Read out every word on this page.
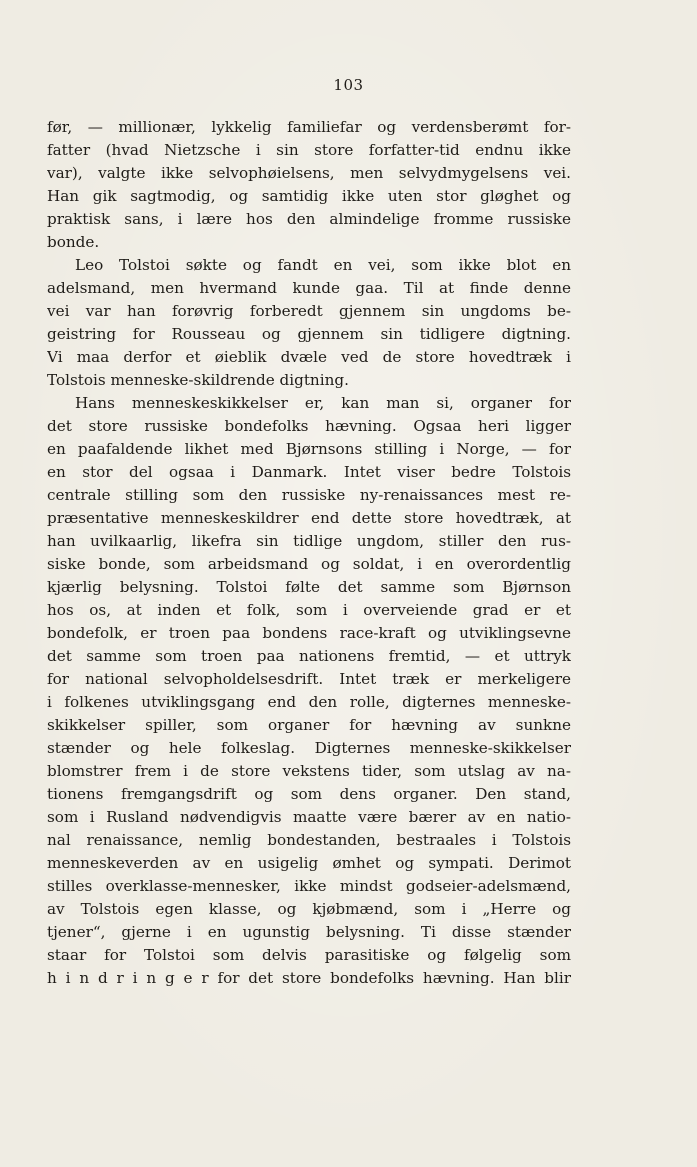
103
før, — millionær, lykkelig familiefar og verdensberømt for-
fatter (hvad Nietzsche i sin store forfatter-tid endnu ikke
var), valgte ikke selvophøielsens, men selvydmygelsens vei.
Han gik sagtmodig, og samtidig ikke uten stor gløghet og
praktisk sans, i lære hos den almindelige fromme russiske
bonde.
Leo Tolstoi søkte og fandt en vei, som ikke blot en
adelsmand, men hvermand kunde gaa. Til at finde denne
vei var han forøvrig forberedt gjennem sin ungdoms be-
geistring for Rousseau og gjennem sin tidligere digtning.
Vi maa derfor et øieblik dvæle ved de store hovedtræk i
Tolstois menneske-skildrende digtning.
Hans menneskeskikkelser er, kan man si, organer for
det store russiske bondefolks hævning. Ogsaa heri ligger
en paafaldende likhet med Bjørnsons stilling i Norge, — for
en stor del ogsaa i Danmark. Intet viser bedre Tolstois
centrale stilling som den russiske ny-renaissances mest re-
præsentative menneskeskildrer end dette store hovedtræk, at
han uvilkaarlig, likefra sin tidlige ungdom, stiller den rus-
siske bonde, som arbeidsmand og soldat, i en overordentlig
kjærlig belysning. Tolstoi følte det samme som Bjørnson
hos os, at inden et folk, som i overveiende grad er et
bondefolk, er troen paa bondens race-kraft og utviklingsevne
det samme som troen paa nationens fremtid, — et uttryk
for national selvopholdelsesdrift. Intet træk er merkeligere
i folkenes utviklingsgang end den rolle, digternes menneske-
skikkelser spiller, som organer for hævning av sunkne
stænder og hele folkeslag. Digternes menneske-skikkelser
blomstrer frem i de store vekstens tider, som utslag av na-
tionens fremgangsdrift og som dens organer. Den stand,
som i Rusland nødvendigvis maatte være bærer av en natio-
nal renaissance, nemlig bondestanden, bestraales i Tolstois
menneskeverden av en usigelig ømhet og sympati. Derimot
stilles overklasse-mennesker, ikke mindst godseier-adelsmænd,
av Tolstois egen klasse, og kjøbmænd, som i „Herre og
tjener“, gjerne i en ugunstig belysning. Ti disse stænder
staar for Tolstoi som delvis parasitiske og følgelig som
h i n d r i n g e r for det store bondefolks hævning. Han blir
